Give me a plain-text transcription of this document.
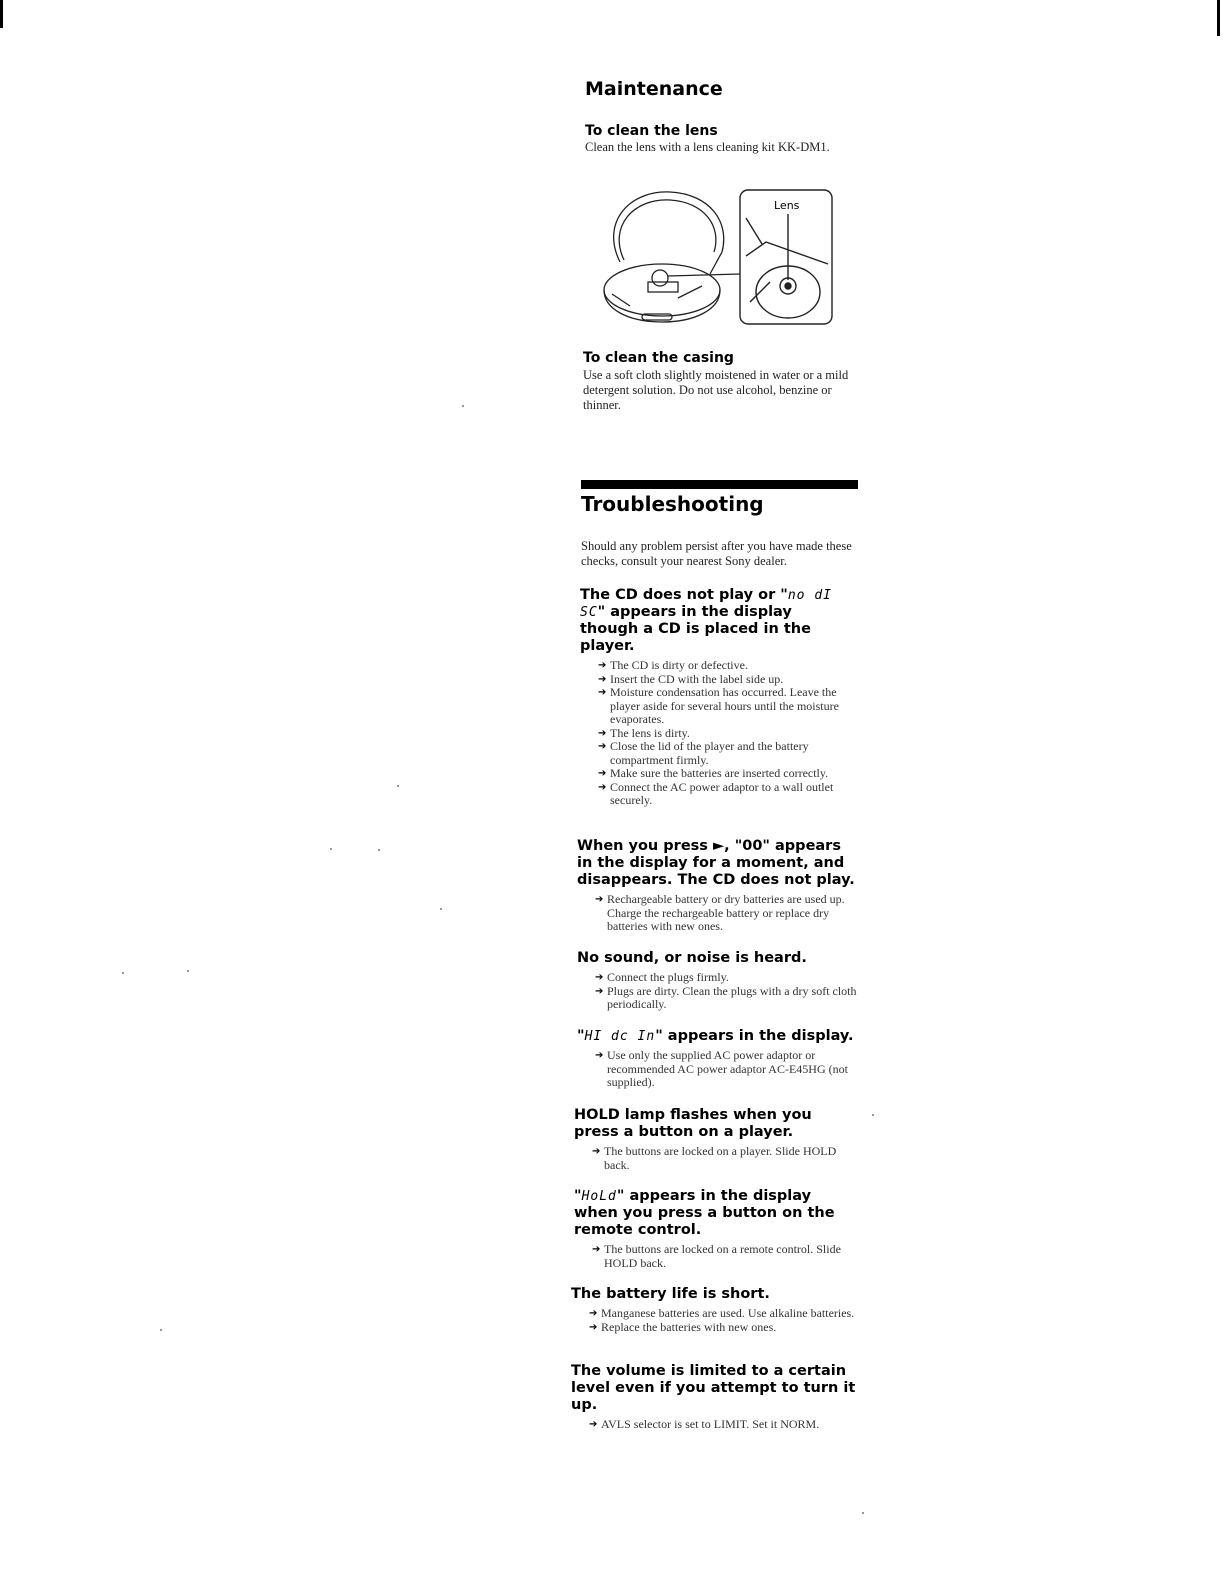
Maintenance
To clean the lens

Clean the lens with a lens cleaning kit KK-DM1.

Lens
To clean the casing

Use a soft cloth slightly moistened in water or a mild detergent solution. Do not use alcohol, benzine or thinner.

Troubleshooting

Should any problem persist after you have made these checks, consult your nearest Sony dealer.

The CD does not play or "no dI SC" appears in the display though a CD is placed in the player.
➔ The CD is dirty or defective.
➔ Insert the CD with the label side up.
➔ Moisture condensation has occurred. Leave the player aside for several hours until the moisture evaporates.
➔ The lens is dirty.
➔ Close the lid of the player and the battery compartment firmly.
➔ Make sure the batteries are inserted correctly.
➔ Connect the AC power adaptor to a wall outlet securely.
When you press ►, "00" appears in the display for a moment, and disappears. The CD does not play.
➔ Rechargeable battery or dry batteries are used up. Charge the rechargeable battery or replace dry batteries with new ones.
No sound, or noise is heard.
➔ Connect the plugs firmly.
➔ Plugs are dirty. Clean the plugs with a dry soft cloth periodically.
"HI dc In" appears in the display.
➔ Use only the supplied AC power adaptor or recommended AC power adaptor AC-E45HG (not supplied).
HOLD lamp flashes when you press a button on a player.
➔ The buttons are locked on a player. Slide HOLD back.
"HoLd" appears in the display when you press a button on the remote control.
➔ The buttons are locked on a remote control. Slide HOLD back.
The battery life is short.
➔ Manganese batteries are used. Use alkaline batteries.
➔ Replace the batteries with new ones.
The volume is limited to a certain level even if you attempt to turn it up.
➔ AVLS selector is set to LIMIT. Set it NORM.
